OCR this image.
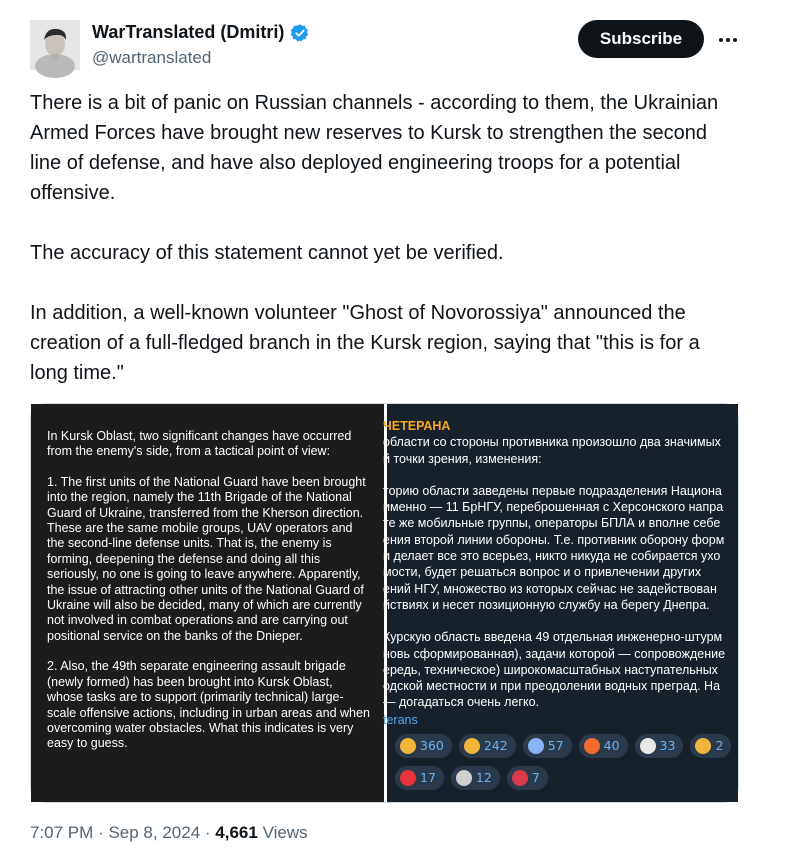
WarTranslated (Dmitri)
@wartranslated
Subscribe

There is a bit of panic on Russian channels - according to them, the Ukrainian Armed Forces have brought new reserves to Kursk to strengthen the second line of defense, and have also deployed engineering troops for a potential offensive.

The accuracy of this statement cannot yet be verified.

In addition, a well-known volunteer "Ghost of Novorossiya" announced the creation of a full-fledged branch in the Kursk region, saying that "this is for a long time."

In Kursk Oblast, two significant changes have occurred from the enemy's side, from a tactical point of view:

1. The first units of the National Guard have been brought into the region, namely the 11th Brigade of the National Guard of Ukraine, transferred from the Kherson direction. These are the same mobile groups, UAV operators and the second-line defense units. That is, the enemy is forming, deepening the defense and doing all this seriously, no one is going to leave anywhere. Apparently, the issue of attracting other units of the National Guard of Ukraine will also be decided, many of which are currently not involved in combat operations and are carrying out positional service on the banks of the Dnieper.

2. Also, the 49th separate engineering assault brigade (newly formed) has been brought into Kursk Oblast, whose tasks are to support (primarily technical) large-scale offensive actions, including in urban areas and when overcoming water obstacles. What this indicates is very easy to guess.

ЧЕТЕРАНА

области со стороны противника произошло два значимых

й точки зрения, изменения:

торию области заведены первые подразделения Национа

именно — 11 БрНГУ, переброшенная с Херсонского напра

те же мобильные группы, операторы БПЛА и вполне себе

ения второй линии обороны. Т.е. противник оборону форм

и делает все это всерьез, никто никуда не собирается ухо

мости, будет решаться вопрос и о привлечении других

ений НГУ, множество из которых сейчас не задействован

йствиях и несет позиционную службу на берегу Днепра.

Курскую область введена 49 отдельная инженерно-штурм

новь сформированная), задачи которой — сопровождение

ередь, техническое) широкомасштабных наступательных

одской местности и при преодолении водных преград. На

— догадаться очень легко.

terans
360	242	57	40	33	2
17	12	7
7:07 PM · Sep 8, 2024 · 4,661 Views
